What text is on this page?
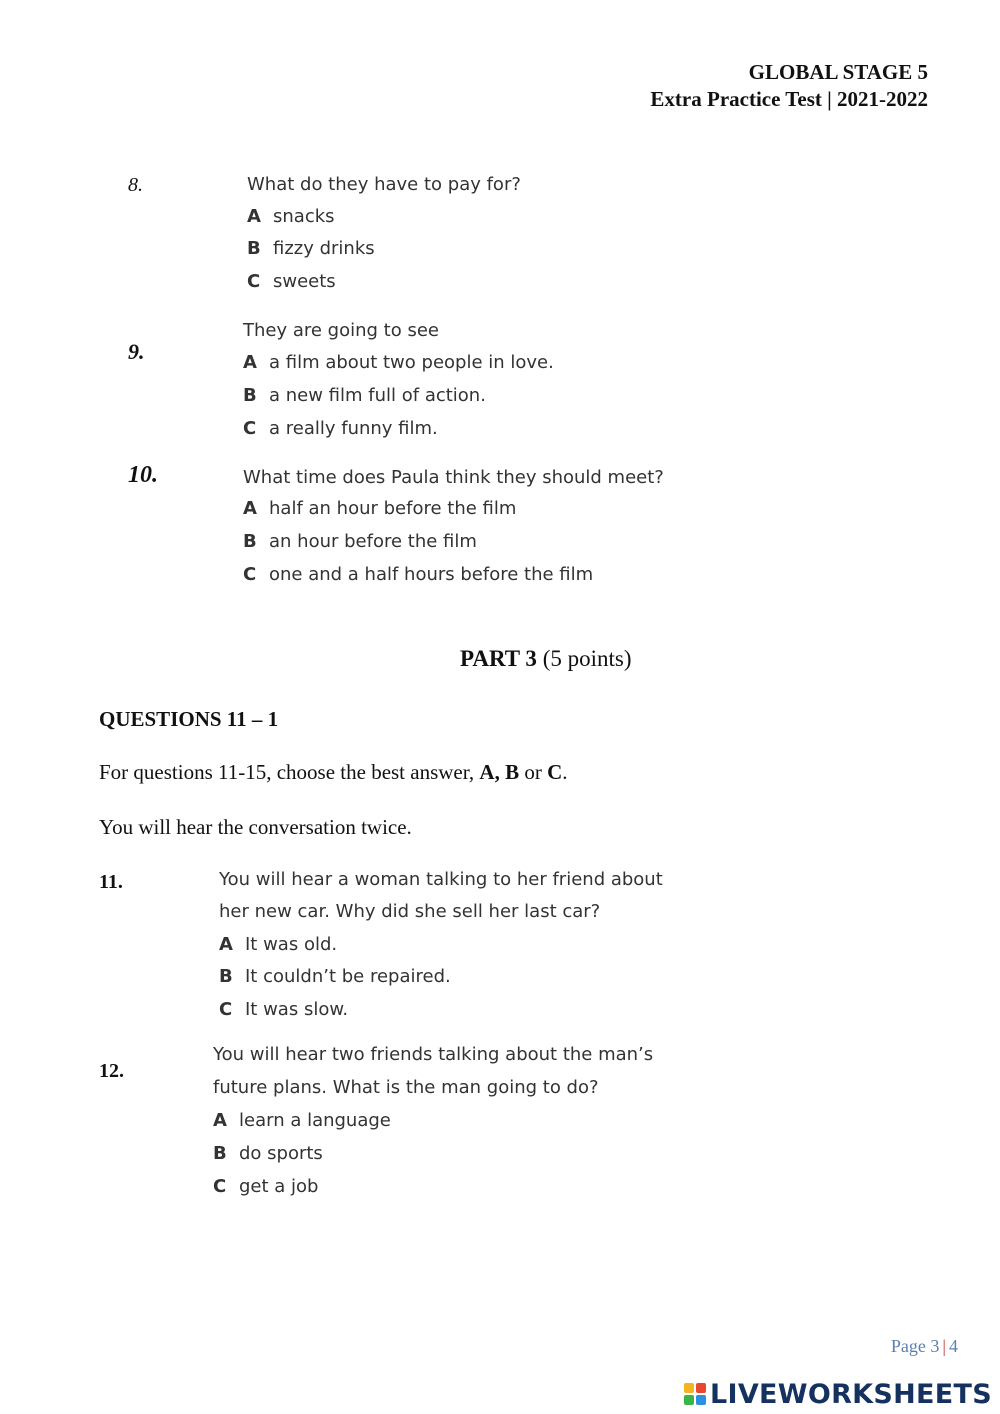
GLOBAL STAGE 5
Extra Practice Test | 2021-2022
8.	What do they have to pay for?
A snacks
B fizzy drinks
C sweets
9.
They are going to see
A a film about two people in love.
B a new film full of action.
C a really funny film.
10.	What time does Paula think they should meet?
A half an hour before the film
B an hour before the film
C one and a half hours before the film
PART 3 (5 points)
QUESTIONS 11 – 1
For questions 11-15, choose the best answer, A, B or C.
You will hear the conversation twice.
11.	You will hear a woman talking to her friend about
her new car. Why did she sell her last car?
A It was old.
B It couldn’t be repaired.
C It was slow.
12.
You will hear two friends talking about the man’s
future plans. What is the man going to do?
A learn a language
B do sports
C get a job
Page 3 | 4
LIVEWORKSHEETS
